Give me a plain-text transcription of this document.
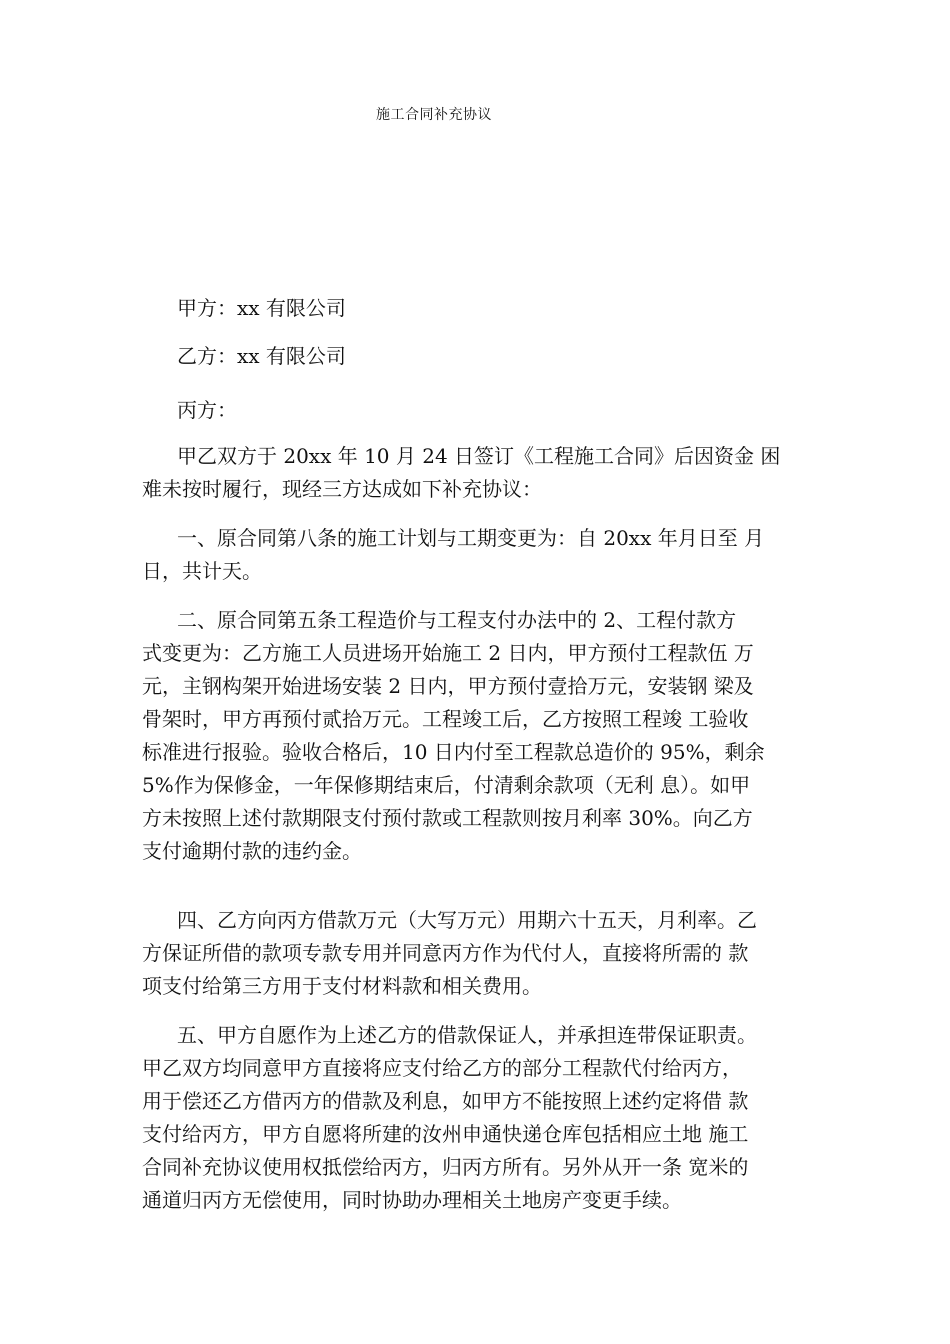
施工合同补充协议
甲方：xx 有限公司
乙方：xx 有限公司
丙方：
甲乙双方于 20xx 年 10 月 24 日签订《工程施工合同》后因资金 困
难未按时履行，现经三方达成如下补充协议：
一、原合同第八条的施工计划与工期变更为：自 20xx 年月日至 月
日，共计天。
二、原合同第五条工程造价与工程支付办法中的 2、工程付款方
式变更为：乙方施工人员进场开始施工 2 日内，甲方预付工程款伍 万
元，主钢构架开始进场安装 2 日内，甲方预付壹拾万元，安装钢 梁及
骨架时，甲方再预付贰拾万元。工程竣工后，乙方按照工程竣 工验收
标准进行报验。验收合格后，10 日内付至工程款总造价的 95%，剩余
5%作为保修金，一年保修期结束后，付清剩余款项（无利 息）。如甲
方未按照上述付款期限支付预付款或工程款则按月利率 30%。向乙方
支付逾期付款的违约金。
四、乙方向丙方借款万元（大写万元）用期六十五天，月利率。乙
方保证所借的款项专款专用并同意丙方作为代付人，直接将所需的 款
项支付给第三方用于支付材料款和相关费用。
五、甲方自愿作为上述乙方的借款保证人，并承担连带保证职责。
甲乙双方均同意甲方直接将应支付给乙方的部分工程款代付给丙方，
用于偿还乙方借丙方的借款及利息，如甲方不能按照上述约定将借 款
支付给丙方，甲方自愿将所建的汝州申通快递仓库包括相应土地 施工
合同补充协议使用权抵偿给丙方，归丙方所有。另外从开一条 宽米的
通道归丙方无偿使用，同时协助办理相关土地房产变更手续。
